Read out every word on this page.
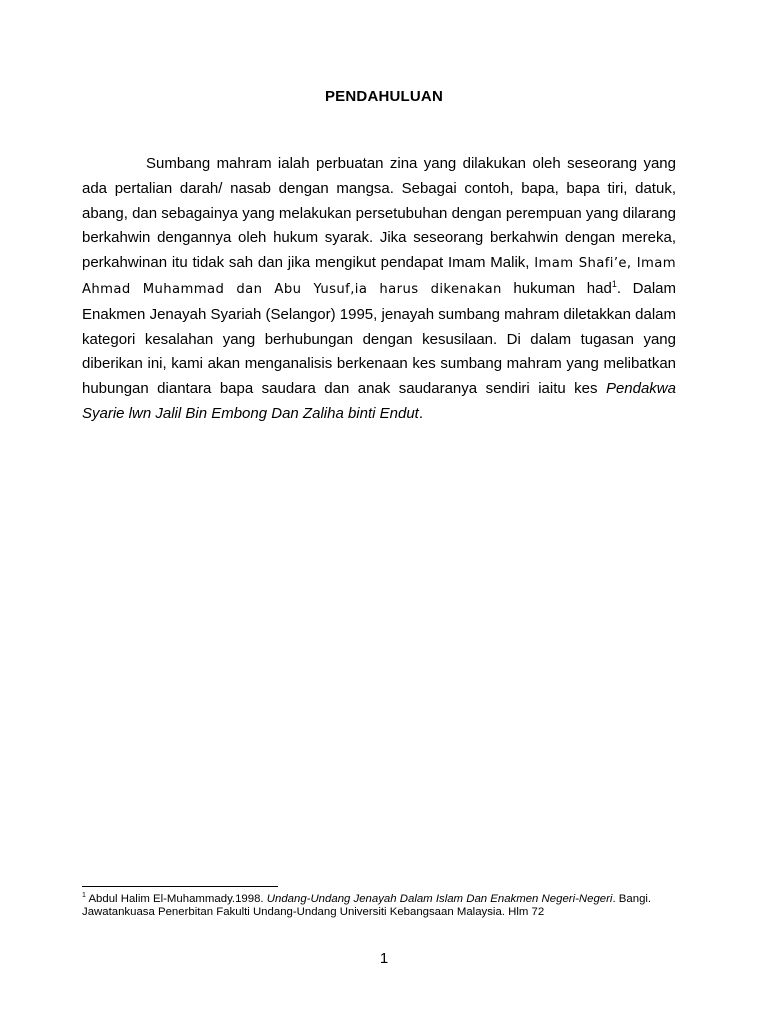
PENDAHULUAN

Sumbang mahram ialah perbuatan zina yang dilakukan oleh seseorang yang ada pertalian darah/ nasab dengan mangsa. Sebagai contoh, bapa, bapa tiri, datuk, abang, dan sebagainya yang melakukan persetubuhan dengan perempuan yang dilarang berkahwin dengannya oleh hukum syarak. Jika seseorang berkahwin dengan mereka, perkahwinan itu tidak sah dan jika mengikut pendapat Imam Malik, Imam Shafi’e, Imam Ahmad Muhammad dan Abu Yusuf,ia harus dikenakan hukuman had$^1$. Dalam Enakmen Jenayah Syariah (Selangor) 1995, jenayah sumbang mahram diletakkan dalam kategori kesalahan yang berhubungan dengan kesusilaan. Di dalam tugasan yang diberikan ini, kami akan menganalisis berkenaan kes sumbang mahram yang melibatkan hubungan diantara bapa saudara dan anak saudaranya sendiri iaitu kes Pendakwa Syarie lwn Jalil Bin Embong Dan Zaliha binti Endut.

$^1$ Abdul Halim El-Muhammady.1998. Undang-Undang Jenayah Dalam Islam Dan Enakmen Negeri-Negeri. Bangi. Jawatankuasa Penerbitan Fakulti Undang-Undang Universiti Kebangsaan Malaysia. Hlm 72

1
